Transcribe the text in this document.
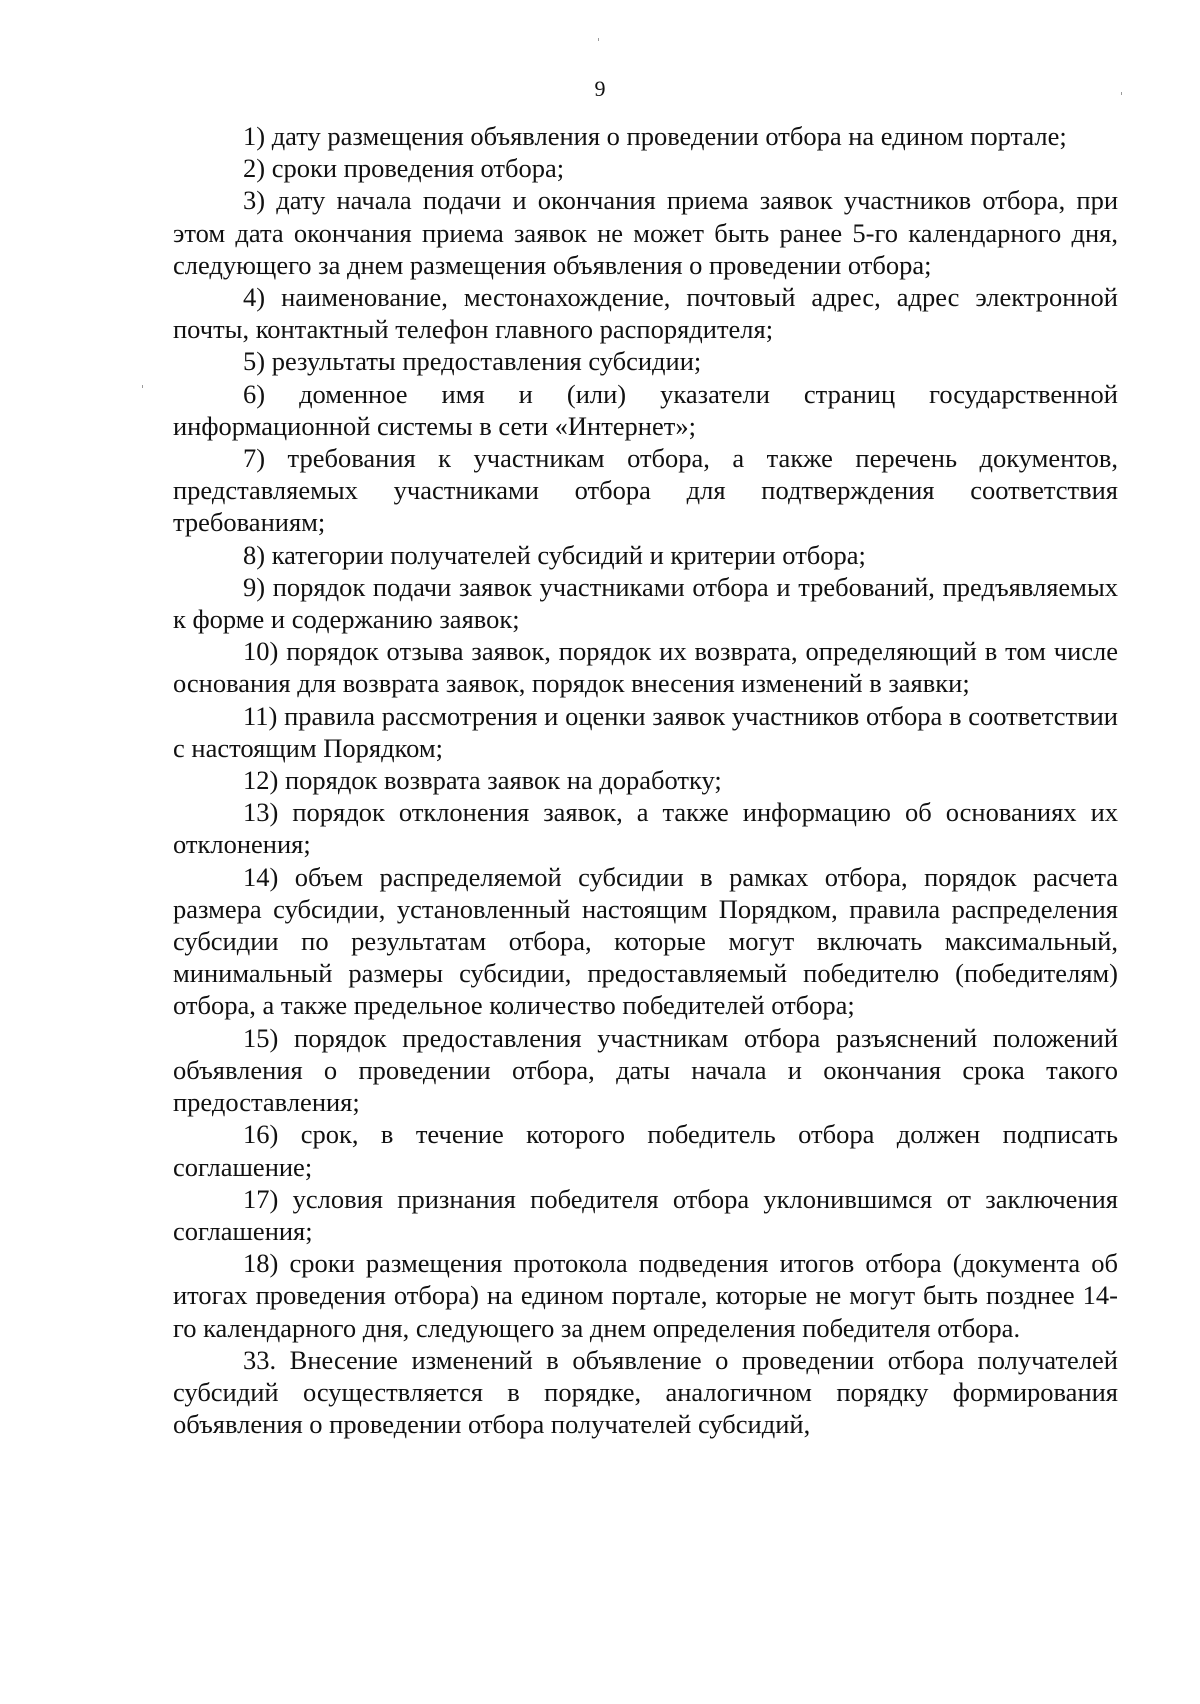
9

1) дату размещения объявления о проведении отбора на едином порталe;

2) сроки проведения отбора;

3) дату начала подачи и окончания приема заявок участников отбора, при этом дата окончания приема заявок не может быть ранее 5-го календарного дня, следующего за днем размещения объявления о проведении отбора;

4) наименование, местонахождение, почтовый адрес, адрес электронной почты, контактный телефон главного распорядителя;

5) результаты предоставления субсидии;

6) доменное имя и (или) указатели страниц государственной информационной системы в сети «Интернет»;

7) требования к участникам отбора, а также перечень документов, представляемых участниками отбора для подтверждения соответствия требованиям;

8) категории получателей субсидий и критерии отбора;

9) порядок подачи заявок участниками отбора и требований, предъявляемых к форме и содержанию заявок;

10) порядок отзыва заявок, порядок их возврата, определяющий в том числе основания для возврата заявок, порядок внесения изменений в заявки;

11) правила рассмотрения и оценки заявок участников отбора в соответствии с настоящим Порядком;

12) порядок возврата заявок на доработку;

13) порядок отклонения заявок, а также информацию об основаниях их отклонения;

14) объем распределяемой субсидии в рамках отбора, порядок расчета размера субсидии, установленный настоящим Порядком, правила распределения субсидии по результатам отбора, которые могут включать максимальный, минимальный размеры субсидии, предоставляемый победителю (победителям) отбора, а также предельное количество победителей отбора;

15) порядок предоставления участникам отбора разъяснений положений объявления о проведении отбора, даты начала и окончания срока такого предоставления;

16) срок, в течение которого победитель отбора должен подписать соглашение;

17) условия признания победителя отбора уклонившимся от заключения соглашения;

18) сроки размещения протокола подведения итогов отбора (документа об итогах проведения отбора) на едином портале, которые не могут быть позднее 14-го календарного дня, следующего за днем определения победителя отбора.

33. Внесение изменений в объявление о проведении отбора получателей субсидий осуществляется в порядке, аналогичном порядку формирования объявления о проведении отбора получателей субсидий,
